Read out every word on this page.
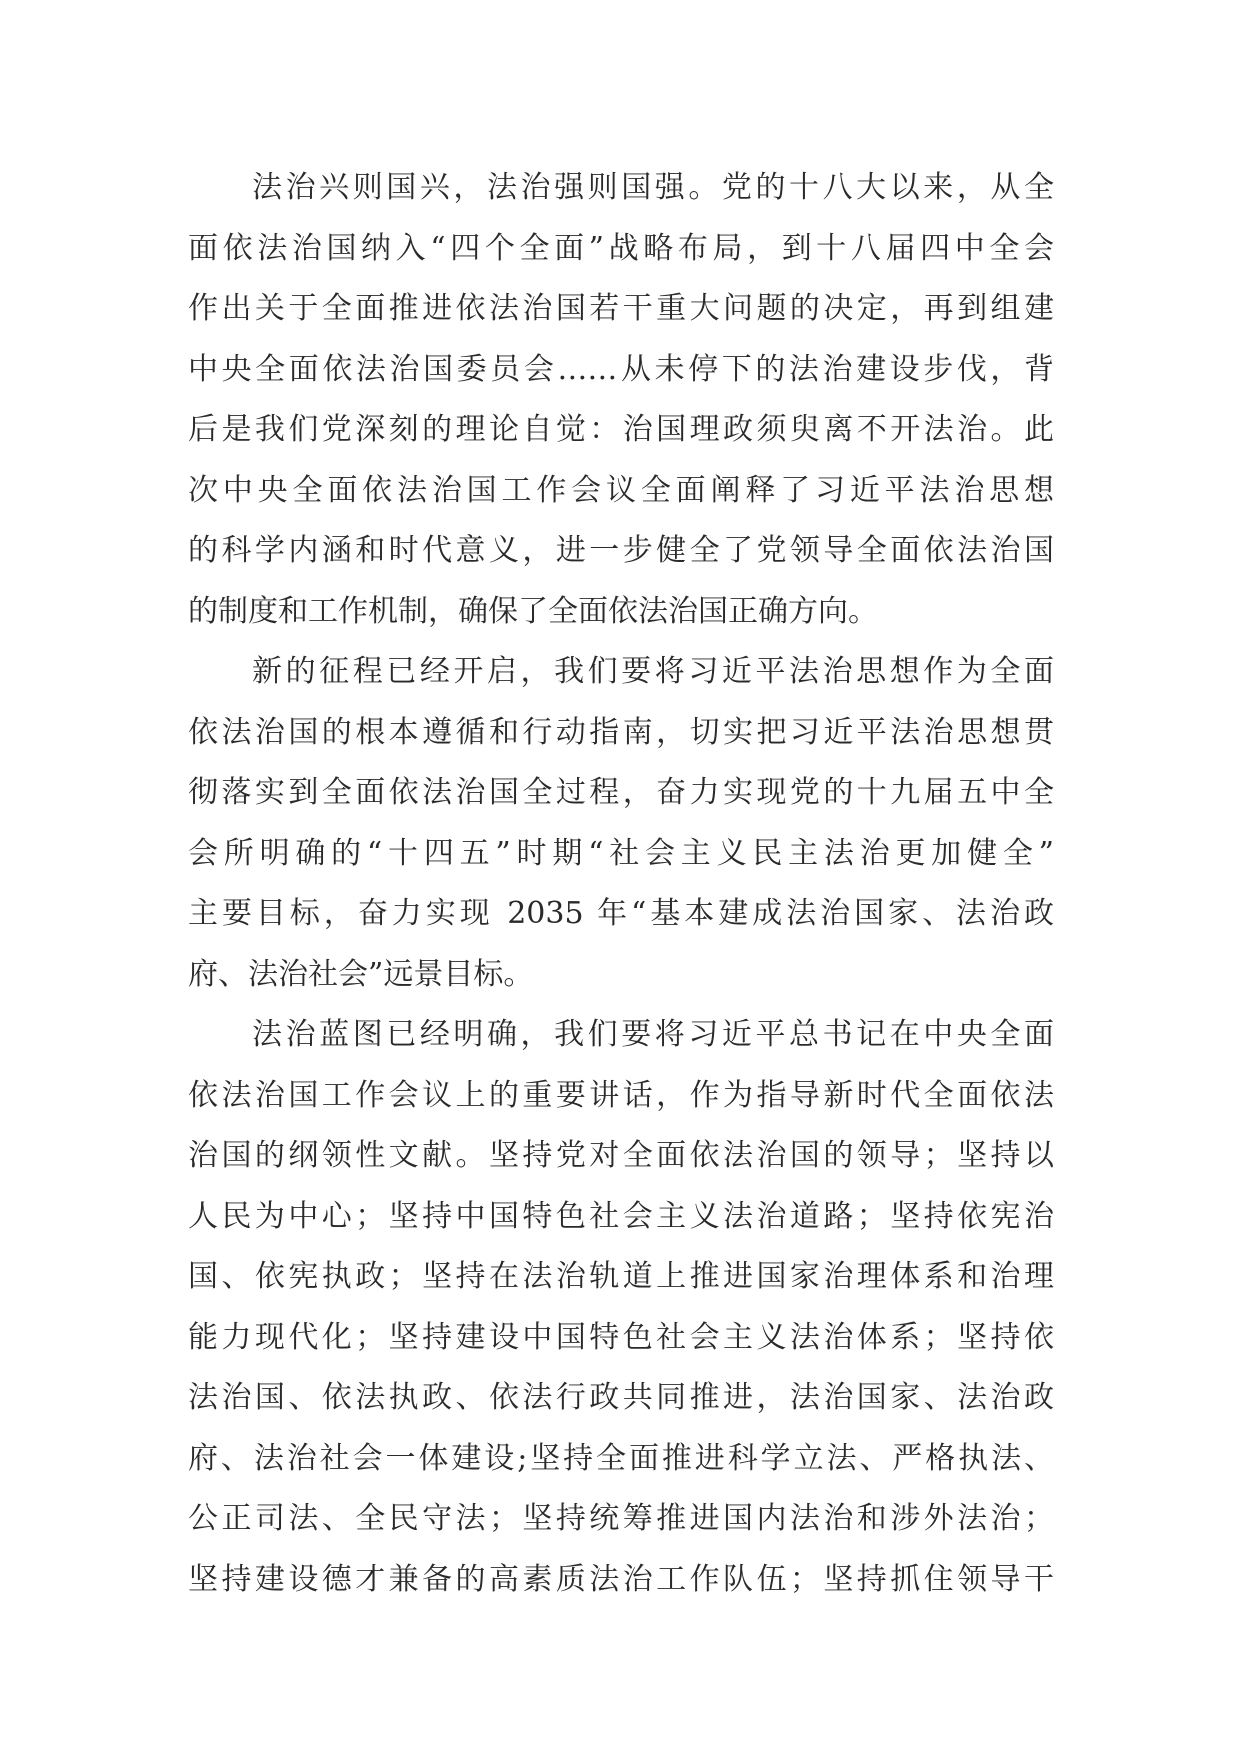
法治兴则国兴，法治强则国强。党的十八大以来，从全
面依法治国纳入“四个全面”战略布局，到十八届四中全会
作出关于全面推进依法治国若干重大问题的决定，再到组建
中央全面依法治国委员会……从未停下的法治建设步伐，背
后是我们党深刻的理论自觉：治国理政须臾离不开法治。此
次中央全面依法治国工作会议全面阐释了习近平法治思想
的科学内涵和时代意义，进一步健全了党领导全面依法治国
的制度和工作机制，确保了全面依法治国正确方向。
新的征程已经开启，我们要将习近平法治思想作为全面
依法治国的根本遵循和行动指南，切实把习近平法治思想贯
彻落实到全面依法治国全过程，奋力实现党的十九届五中全
会所明确的“十四五”时期“社会主义民主法治更加健全”
主要目标，奋力实现 2035 年“基本建成法治国家、法治政
府、法治社会”远景目标。
法治蓝图已经明确，我们要将习近平总书记在中央全面
依法治国工作会议上的重要讲话，作为指导新时代全面依法
治国的纲领性文献。坚持党对全面依法治国的领导；坚持以
人民为中心；坚持中国特色社会主义法治道路；坚持依宪治
国、依宪执政；坚持在法治轨道上推进国家治理体系和治理
能力现代化；坚持建设中国特色社会主义法治体系；坚持依
法治国、依法执政、依法行政共同推进，法治国家、法治政
府、法治社会一体建设;坚持全面推进科学立法、严格执法、
公正司法、全民守法；坚持统筹推进国内法治和涉外法治；
坚持建设德才兼备的高素质法治工作队伍；坚持抓住领导干
